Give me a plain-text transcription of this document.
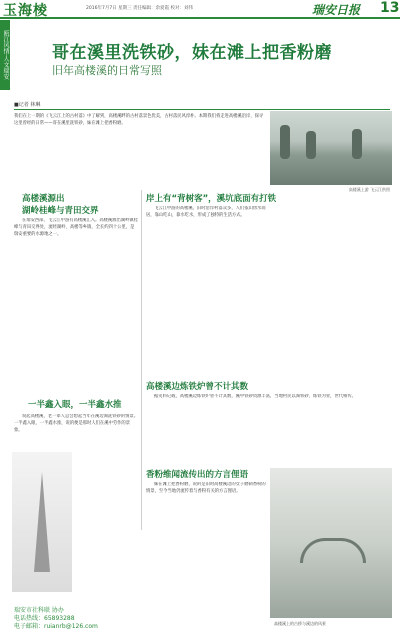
玉海棱	2016年7月7日 星期三 责任编辑：余爱霞 校对：刘伟	瑞安日报 13
瓯江风情·人文瑞安	哥在溪里洗铁砂，妹在滩上把香粉磨
旧年高楼溪的日常写照
■记者 林琳
我们在上一期的《飞云江上的古村落》中了解到，高楼溪畔的古村落景色优美，古村落民风淳朴。本期我们将走进高楼溪沿岸，探寻这里曾经的日常——哥在溪里洗铁砂，妹在滩上把香粉磨。
高楼溪上游 飞云江供图
高楼溪源出
湖岭桂峰与青田交界

在瑞安西部，飞云江中游有高楼溪汇入。高楼溪源出湖岭镇桂峰与青田交界处，流经湖岭、高楼等乡镇，全长约四十公里，是瑞安重要的水源地之一。

一半鑫入眼，一半鑫水推

说起高楼溪，老一辈人总会想起当年在溪边淘洗铁砂的情景。一半鑫入眼，一半鑫水推，说的便是那时人们在溪中劳作的景象。

岸上有“背树客”，溪坑底面有打铁

飞云江中游的高楼溪，旧时沿岸村落众多，人们依山傍水而居，靠山吃山，靠水吃水，形成了独特的生活方式。

高楼溪边炼铁炉曾不计其数

据史料记载，高楼溪边炼铁炉曾不计其数，溪中铁砂资源丰富，当地村民以淘铁砂、炼铁为业，世代相传。

香粉维闻流传出的方言俚语

妹在滩上把香粉磨，说的是旧时高楼溪边的女子磨制香粉的情景，至今当地仍流传着与香粉有关的方言俚语。

高楼溪上的古桥与溪边的风景
瑞安市社科联 协办
电话热线：65893288
电子邮箱：ruianrb@126.com
